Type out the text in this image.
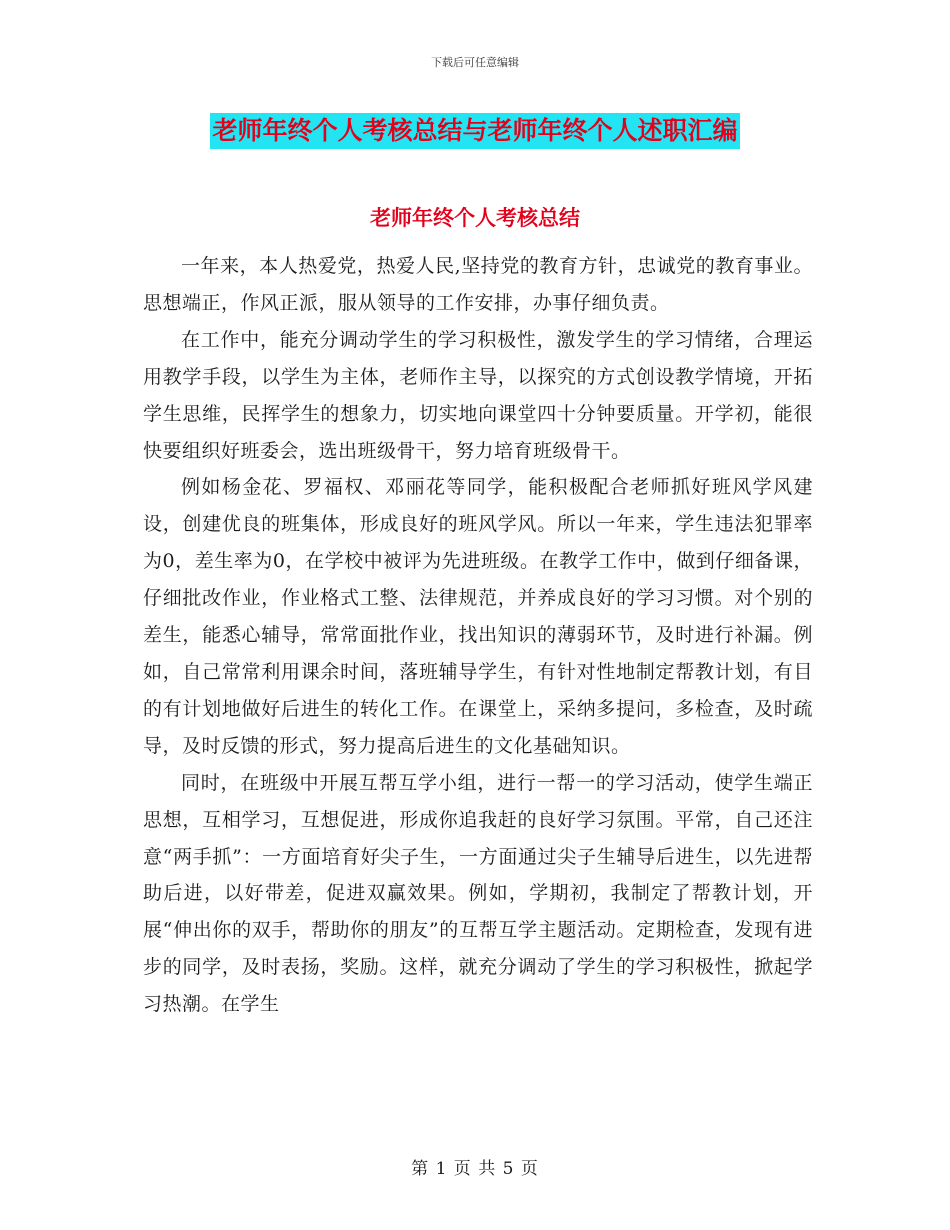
下载后可任意编辑
老师年终个人考核总结与老师年终个人述职汇编
老师年终个人考核总结

一年来，本人热爱党，热爱人民,坚持党的教育方针，忠诚党的教育事业。思想端正，作风正派，服从领导的工作安排，办事仔细负责。

在工作中，能充分调动学生的学习积极性，激发学生的学习情绪，合理运用教学手段，以学生为主体，老师作主导，以探究的方式创设教学情境，开拓学生思维，民挥学生的想象力，切实地向课堂四十分钟要质量。开学初，能很快要组织好班委会，选出班级骨干，努力培育班级骨干。

例如杨金花、罗福权、邓丽花等同学，能积极配合老师抓好班风学风建设，创建优良的班集体，形成良好的班风学风。所以一年来，学生违法犯罪率为0，差生率为0，在学校中被评为先进班级。在教学工作中，做到仔细备课，仔细批改作业，作业格式工整、法律规范，并养成良好的学习习惯。对个别的差生，能悉心辅导，常常面批作业，找出知识的薄弱环节，及时进行补漏。例如，自己常常利用课余时间，落班辅导学生，有针对性地制定帮教计划，有目的有计划地做好后进生的转化工作。在课堂上，采纳多提问，多检查，及时疏导，及时反馈的形式，努力提高后进生的文化基础知识。

同时，在班级中开展互帮互学小组，进行一帮一的学习活动，使学生端正思想，互相学习，互想促进，形成你追我赶的良好学习氛围。平常，自己还注意“两手抓”：一方面培育好尖子生，一方面通过尖子生辅导后进生，以先进帮助后进，以好带差，促进双赢效果。例如，学期初，我制定了帮教计划，开展“伸出你的双手，帮助你的朋友”的互帮互学主题活动。定期检查，发现有进步的同学，及时表扬，奖励。这样，就充分调动了学生的学习积极性，掀起学习热潮。在学生

第 1 页 共 5 页
